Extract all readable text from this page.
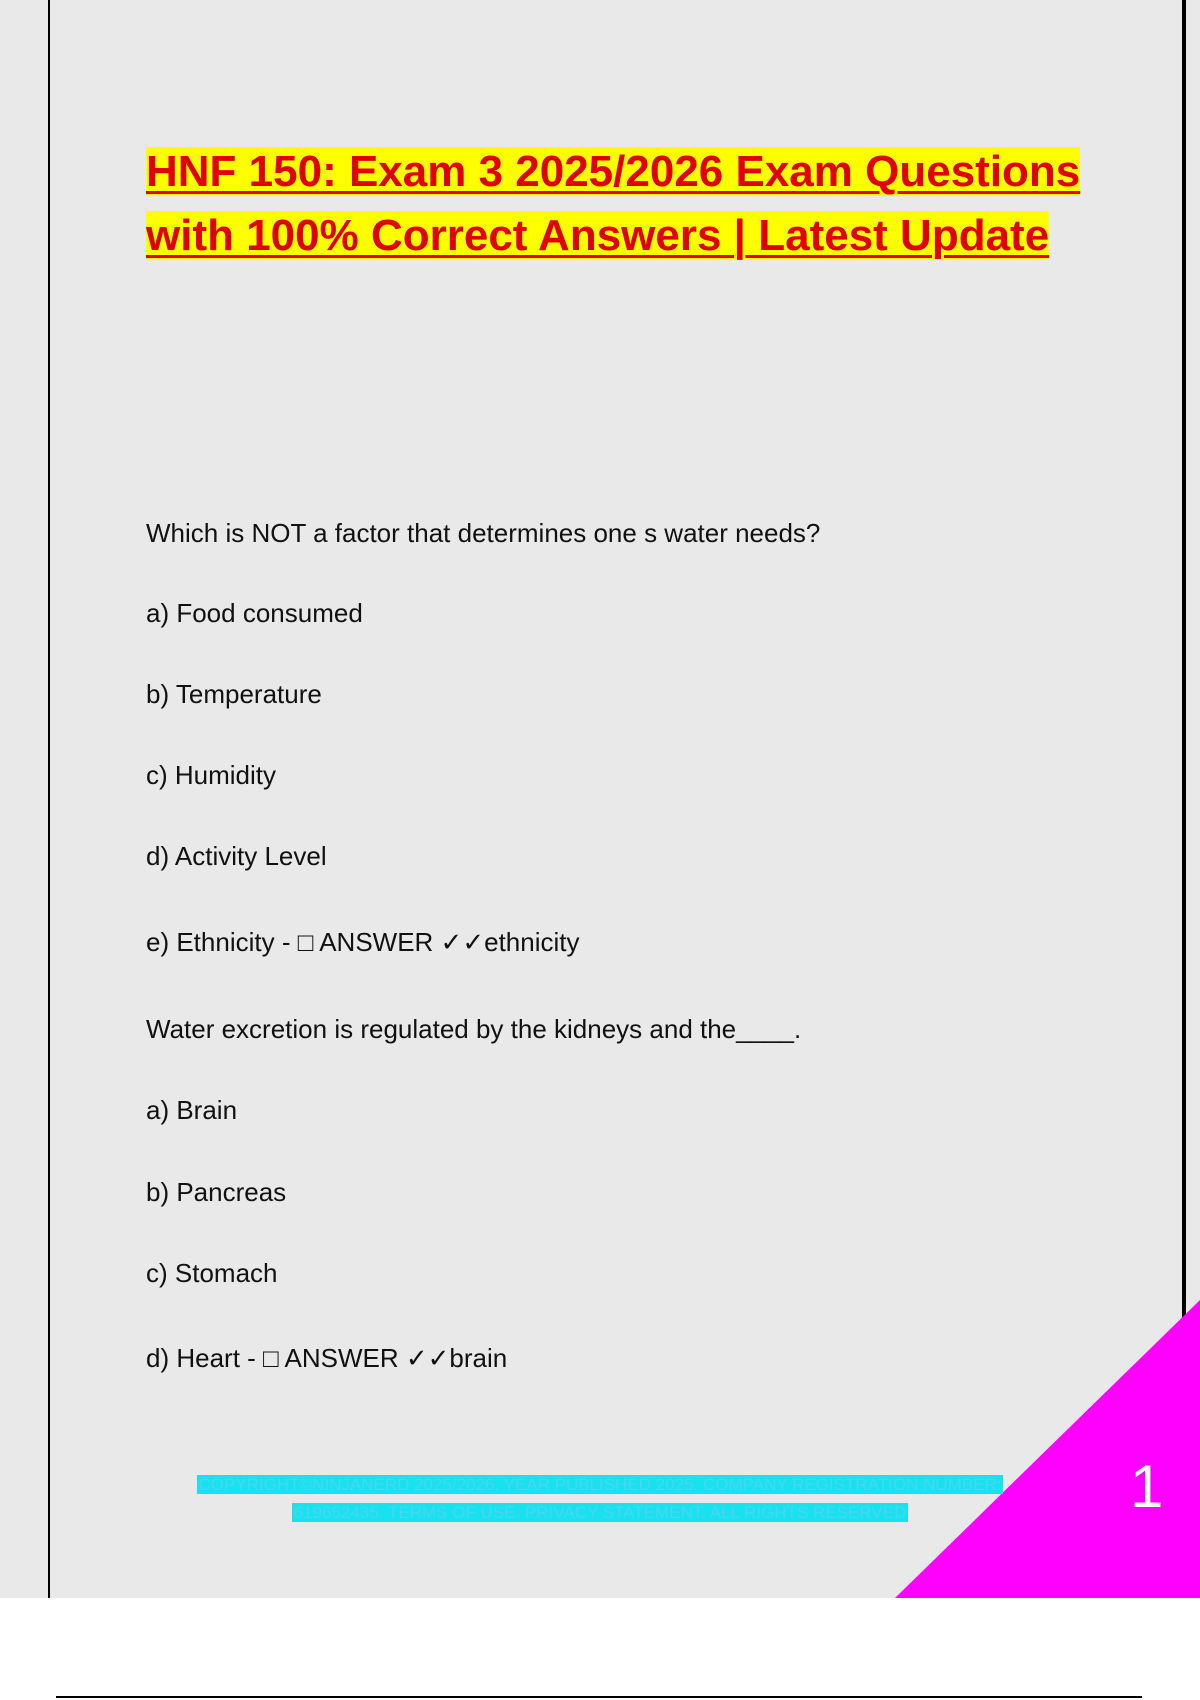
HNF 150: Exam 3 2025/2026 Exam Questions with 100% Correct Answers | Latest Update
Which is NOT a factor that determines one s water needs?
a) Food consumed
b) Temperature
c) Humidity
d) Activity Level
e) Ethnicity - □ ANSWER ✓✓ethnicity
Water excretion is regulated by the kidneys and the____.
a) Brain
b) Pancreas
c) Stomach
d) Heart - □ ANSWER ✓✓brain
COPYRIGHT©NINJANERD 2025/2026. YEAR PUBLISHED 2025. COMPANY REGISTRATION NUMBER:
619652435. TERMS OF USE. PRIVACY STATEMENT. ALL RIGHTS RESERVED	1
